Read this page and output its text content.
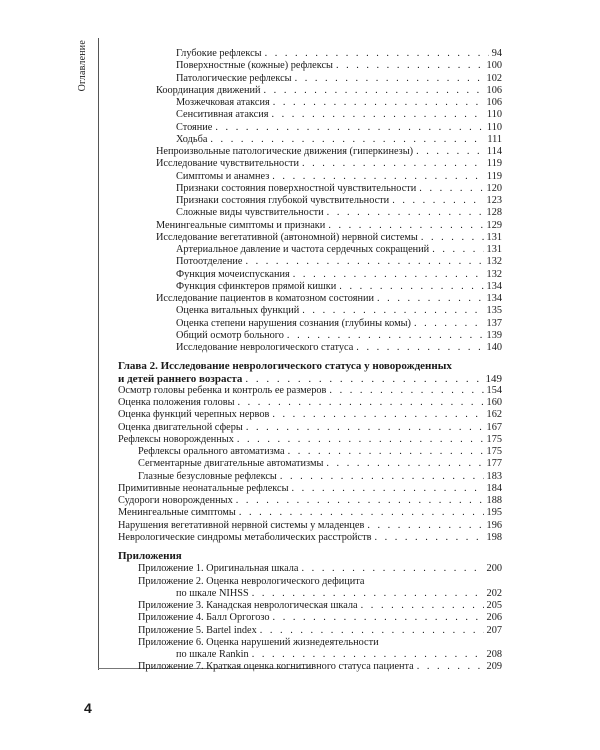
Оглавление
4
Глубокие рефлексы . . .	94
Поверхностные (кожные) рефлексы . . .	100
Патологические рефлексы . . .	102
Координация движений . . .	106
Мозжечковая атаксия . . .	106
Сенситивная атаксия . . .	110
Стояние . . .	110
Ходьба . . .	111
Непроизвольные патологические движения (гиперкинезы) . . .	114
Исследование чувствительности . . .	119
Симптомы и анамнез . . .	119
Признаки состояния поверхностной чувствительности . . .	120
Признаки состояния глубокой чувствительности . . .	123
Сложные виды чувствительности . . .	128
Менингеальные симптомы и признаки . . .	129
Исследование вегетативной (автономной) нервной системы . . .	131
Артериальное давление и частота сердечных сокращений . . .	131
Потоотделение . . .	132
Функция мочеиспускания . . .	132
Функция сфинктеров прямой кишки . . .	134
Исследование пациентов в коматозном состоянии . . .	134
Оценка витальных функций . . .	135
Оценка степени нарушения сознания (глубины комы) . . .	137
Общий осмотр больного . . .	139
Исследование неврологического статуса . . .	140
Глава 2. Исследование неврологического статуса у новорожденных
и детей раннего возраста . . .	149
Осмотр головы ребенка и контроль ее размеров . . .	154
Оценка положения головы . . .	160
Оценка функций черепных нервов . . .	162
Оценка двигательной сферы . . .	167
Рефлексы новорожденных . . .	175
Рефлексы орального автоматизма . . .	175
Сегментарные двигательные автоматизмы . . .	177
Глазные безусловные рефлексы . . .	183
Примитивные неонатальные рефлексы . . .	184
Судороги новорожденных . . .	188
Менингеальные симптомы . . .	195
Нарушения вегетативной нервной системы у младенцев . . .	196
Неврологические синдромы метаболических расстройств . . .	198
Приложения
Приложение 1. Оригинальная шкала . . .	200
Приложение 2. Оценка неврологического дефицита
по шкале NIHSS . . .	202
Приложение 3. Канадская неврологическая шкала . . .	205
Приложение 4. Балл Оргогозо . . .	206
Приложение 5. Bartel index . . .	207
Приложение 6. Оценка нарушений жизнедеятельности
по шкале Rankin . . .	208
Приложение 7. Краткая оценка когнитивного статуса пациента . . .	209
